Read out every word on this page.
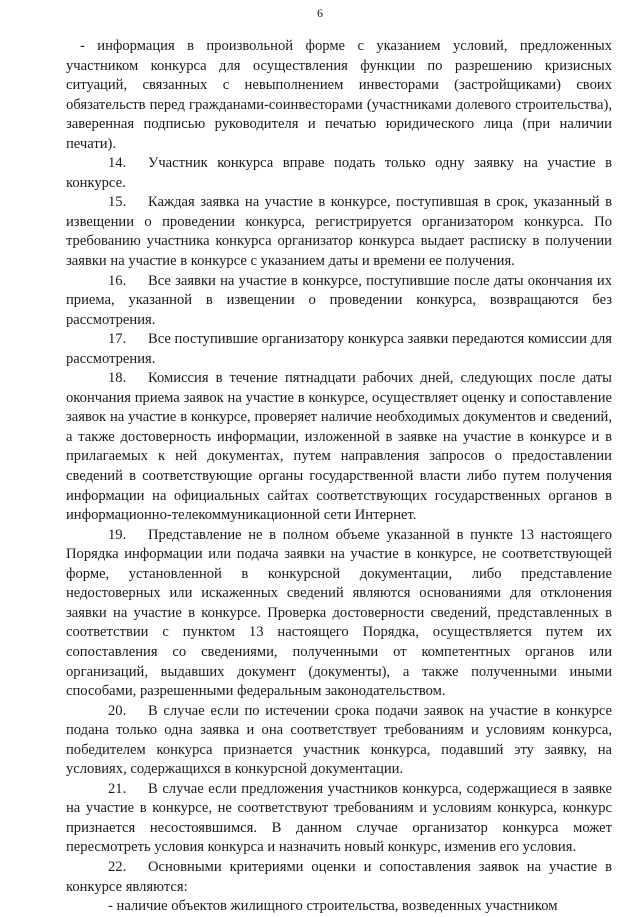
6

- информация в произвольной форме с указанием условий, предложенных участником конкурса для осуществления функции по разрешению кризисных ситуаций, связанных с невыполнением инвесторами (застройщиками) своих обязательств перед гражданами-соинвесторами (участниками долевого строительства), заверенная подписью руководителя и печатью юридического лица (при наличии печати).

14. Участник конкурса вправе подать только одну заявку на участие в конкурсе.

15. Каждая заявка на участие в конкурсе, поступившая в срок, указанный в извещении о проведении конкурса, регистрируется организатором конкурса. По требованию участника конкурса организатор конкурса выдает расписку в получении заявки на участие в конкурсе с указанием даты и времени ее получения.

16. Все заявки на участие в конкурсе, поступившие после даты окончания их приема, указанной в извещении о проведении конкурса, возвращаются без рассмотрения.

17. Все поступившие организатору конкурса заявки передаются комиссии для рассмотрения.

18. Комиссия в течение пятнадцати рабочих дней, следующих после даты окончания приема заявок на участие в конкурсе, осуществляет оценку и сопоставление заявок на участие в конкурсе, проверяет наличие необходимых документов и сведений, а также достоверность информации, изложенной в заявке на участие в конкурсе и в прилагаемых к ней документах, путем направления запросов о предоставлении сведений в соответствующие органы государственной власти либо путем получения информации на официальных сайтах соответствующих государственных органов в информационно-телекоммуникационной сети Интернет.

19. Представление не в полном объеме указанной в пункте 13 настоящего Порядка информации или подача заявки на участие в конкурсе, не соответствующей форме, установленной в конкурсной документации, либо представление недостоверных или искаженных сведений являются основаниями для отклонения заявки на участие в конкурсе. Проверка достоверности сведений, представленных в соответствии с пунктом 13 настоящего Порядка, осуществляется путем их сопоставления со сведениями, полученными от компетентных органов или организаций, выдавших документ (документы), а также полученными иными способами, разрешенными федеральным законодательством.

20. В случае если по истечении срока подачи заявок на участие в конкурсе подана только одна заявка и она соответствует требованиям и условиям конкурса, победителем конкурса признается участник конкурса, подавший эту заявку, на условиях, содержащихся в конкурсной документации.

21. В случае если предложения участников конкурса, содержащиеся в заявке на участие в конкурсе, не соответствуют требованиям и условиям конкурса, конкурс признается несостоявшимся. В данном случае организатор конкурса может пересмотреть условия конкурса и назначить новый конкурс, изменив его условия.

22. Основными критериями оценки и сопоставления заявок на участие в конкурсе являются:

- наличие объектов жилищного строительства, возведенных участником
